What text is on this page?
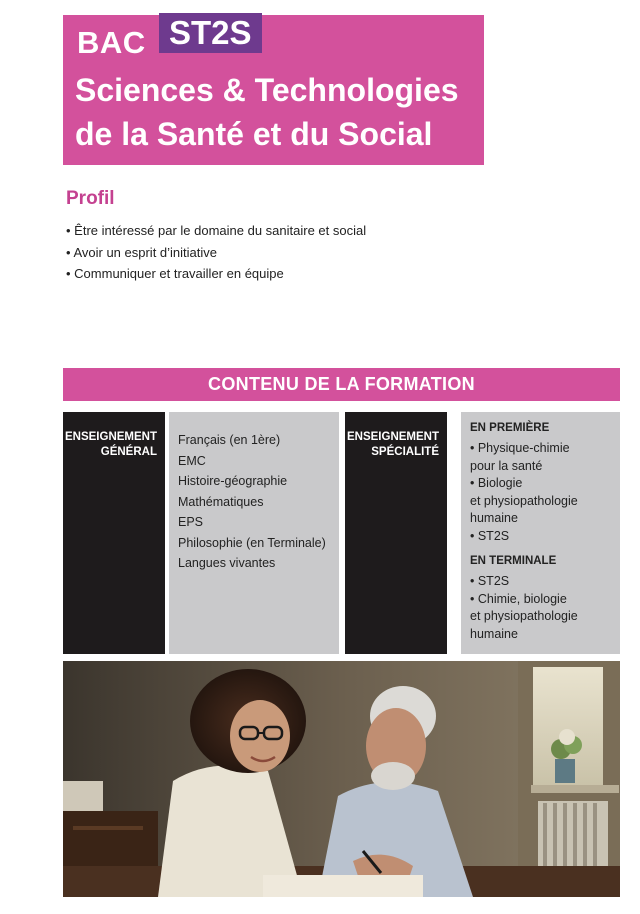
BAC ST2S
Sciences & Technologies
de la Santé et du Social
Profil
• Être intéressé par le domaine du sanitaire et social
• Avoir un esprit d’initiative
• Communiquer et travailler en équipe
CONTENU DE LA FORMATION
ENSEIGNEMENT
GÉNÉRAL
Français (en 1ère)
EMC
Histoire-géographie
Mathématiques
EPS
Philosophie (en Terminale)
Langues vivantes
ENSEIGNEMENT
SPÉCIALITÉ
EN PREMIÈRE
• Physique-chimie
pour la santé
• Biologie
et physiopathologie
humaine
• ST2S
EN TERMINALE
• ST2S
• Chimie, biologie
et physiopathologie
humaine
